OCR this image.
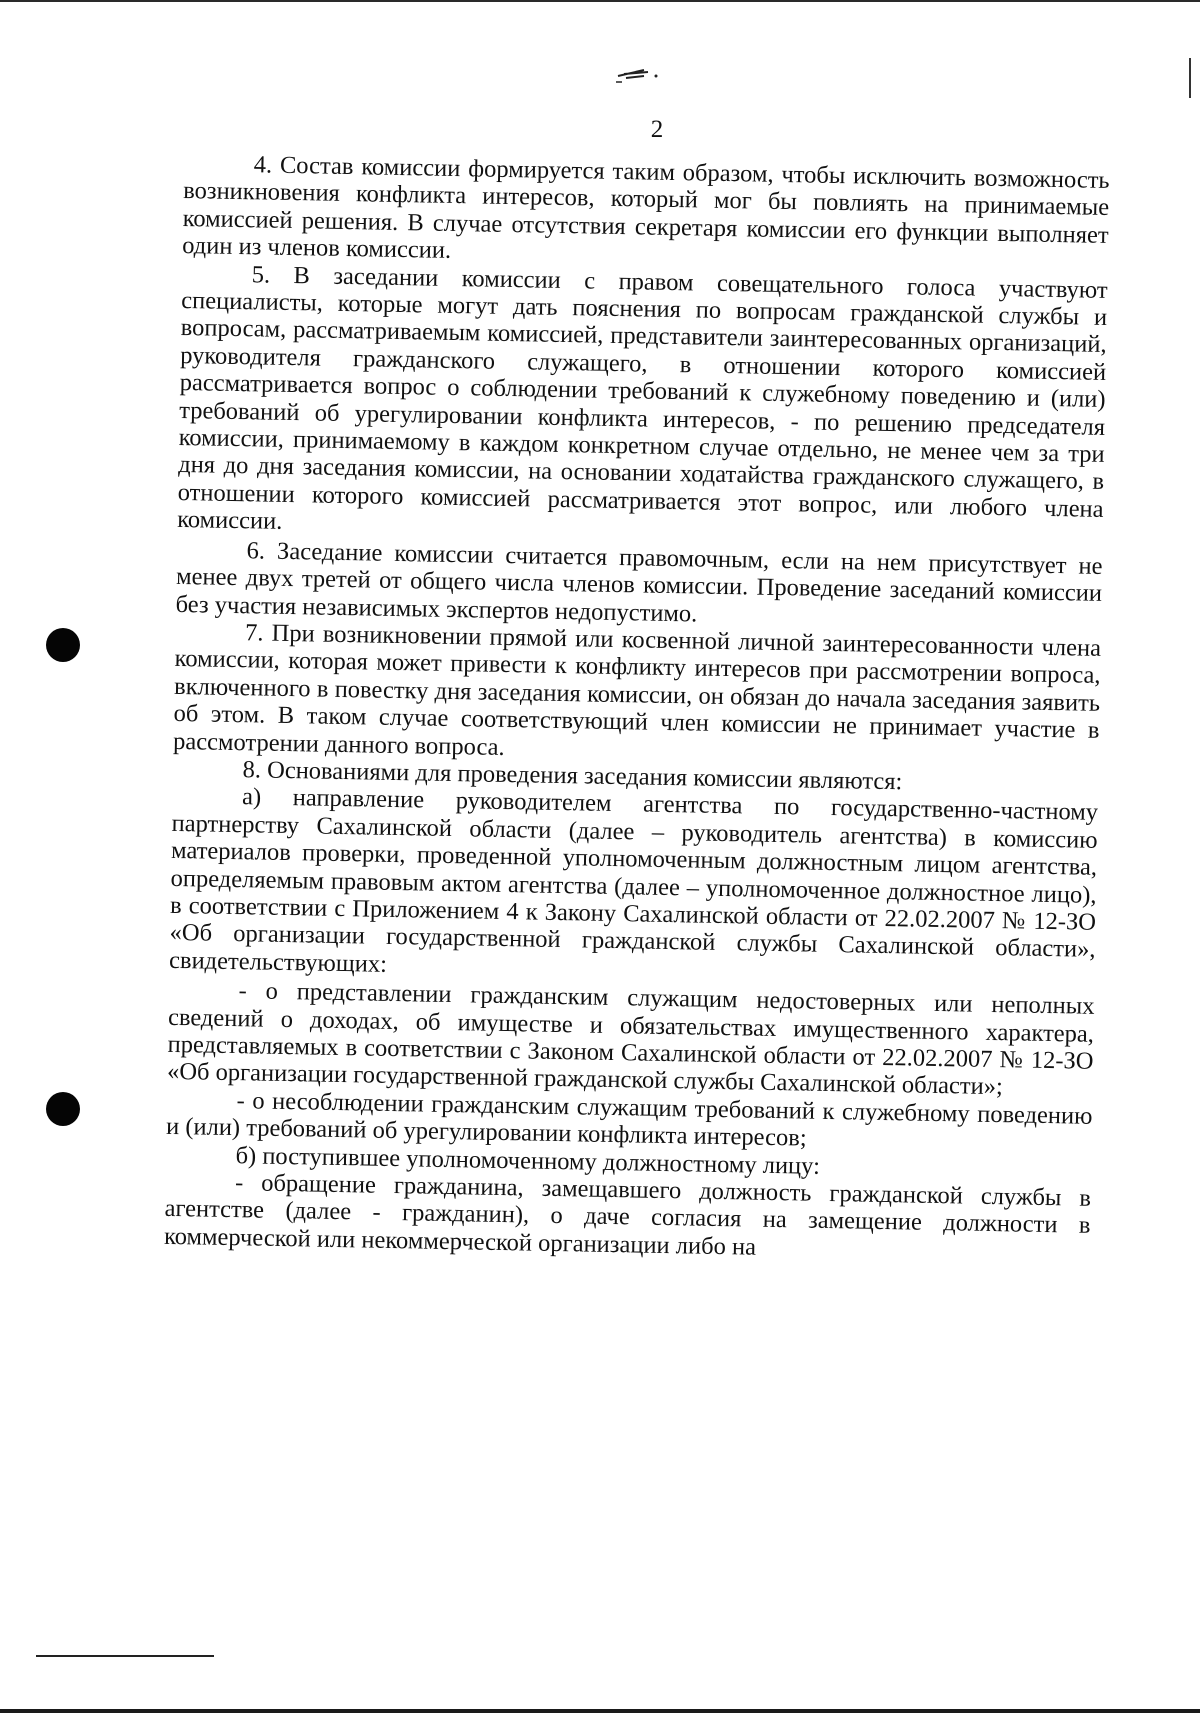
2

4. Состав комиссии формируется таким образом, чтобы исключить возможность возникновения конфликта интересов, который мог бы повлиять на принимаемые комиссией решения. В случае отсутствия секретаря комиссии его функции выполняет один из членов комиссии.

5. В заседании комиссии с правом совещательного голоса участвуют специалисты, которые могут дать пояснения по вопросам гражданской службы и вопросам, рассматриваемым комиссией, представители заинтересованных организаций, руководителя гражданского служащего, в отношении которого комиссией рассматривается вопрос о соблюдении требований к служебному поведению и (или) требований об урегулировании конфликта интересов, - по решению председателя комиссии, принимаемому в каждом конкретном случае отдельно, не менее чем за три дня до дня заседания комиссии, на основании ходатайства гражданского служащего, в отношении которого комиссией рассматривается этот вопрос, или любого члена комиссии.

6. Заседание комиссии считается правомочным, если на нем присутствует не менее двух третей от общего числа членов комиссии. Проведение заседаний комиссии без участия независимых экспертов недопустимо.

7. При возникновении прямой или косвенной личной заинтересованности члена комиссии, которая может привести к конфликту интересов при рассмотрении вопроса, включенного в повестку дня заседания комиссии, он обязан до начала заседания заявить об этом. В таком случае соответствующий член комиссии не принимает участие в рассмотрении данного вопроса.

8. Основаниями для проведения заседания комиссии являются:

а) направление руководителем агентства по государственно-частному партнерству Сахалинской области (далее – руководитель агентства) в комиссию материалов проверки, проведенной уполномоченным должностным лицом агентства, определяемым правовым актом агентства (далее – уполномоченное должностное лицо), в соответствии с Приложением 4 к Закону Сахалинской области от 22.02.2007 № 12-ЗО «Об организации государственной гражданской службы Сахалинской области», свидетельствующих:

- о представлении гражданским служащим недостоверных или неполных сведений о доходах, об имуществе и обязательствах имущественного характера, представляемых в соответствии с Законом Сахалинской области от 22.02.2007 № 12-ЗО «Об организации государственной гражданской службы Сахалинской области»;

- о несоблюдении гражданским служащим требований к служебному поведению и (или) требований об урегулировании конфликта интересов;

б) поступившее уполномоченному должностному лицу:

- обращение гражданина, замещавшего должность гражданской службы в агентстве (далее - гражданин), о даче согласия на замещение должности в коммерческой или некоммерческой организации либо на
